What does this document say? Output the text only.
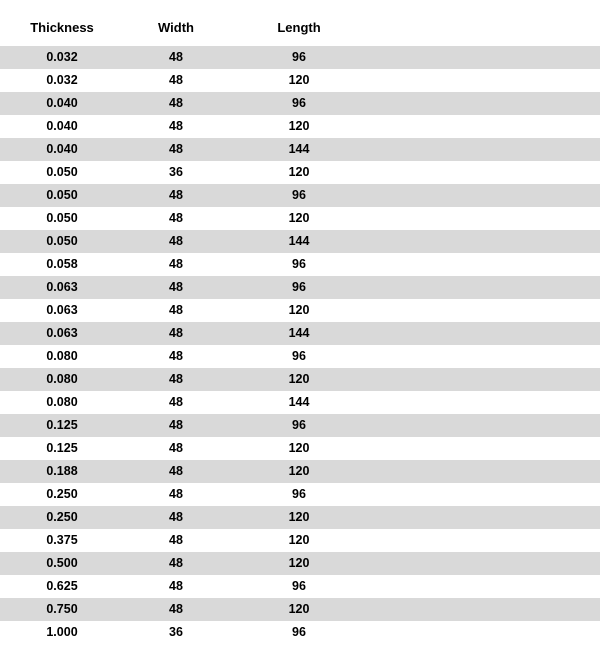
Thickness	Width	Length
0.032	48	96
0.032	48	120
0.040	48	96
0.040	48	120
0.040	48	144
0.050	36	120
0.050	48	96
0.050	48	120
0.050	48	144
0.058	48	96
0.063	48	96
0.063	48	120
0.063	48	144
0.080	48	96
0.080	48	120
0.080	48	144
0.125	48	96
0.125	48	120
0.188	48	120
0.250	48	96
0.250	48	120
0.375	48	120
0.500	48	120
0.625	48	96
0.750	48	120
1.000	36	96
